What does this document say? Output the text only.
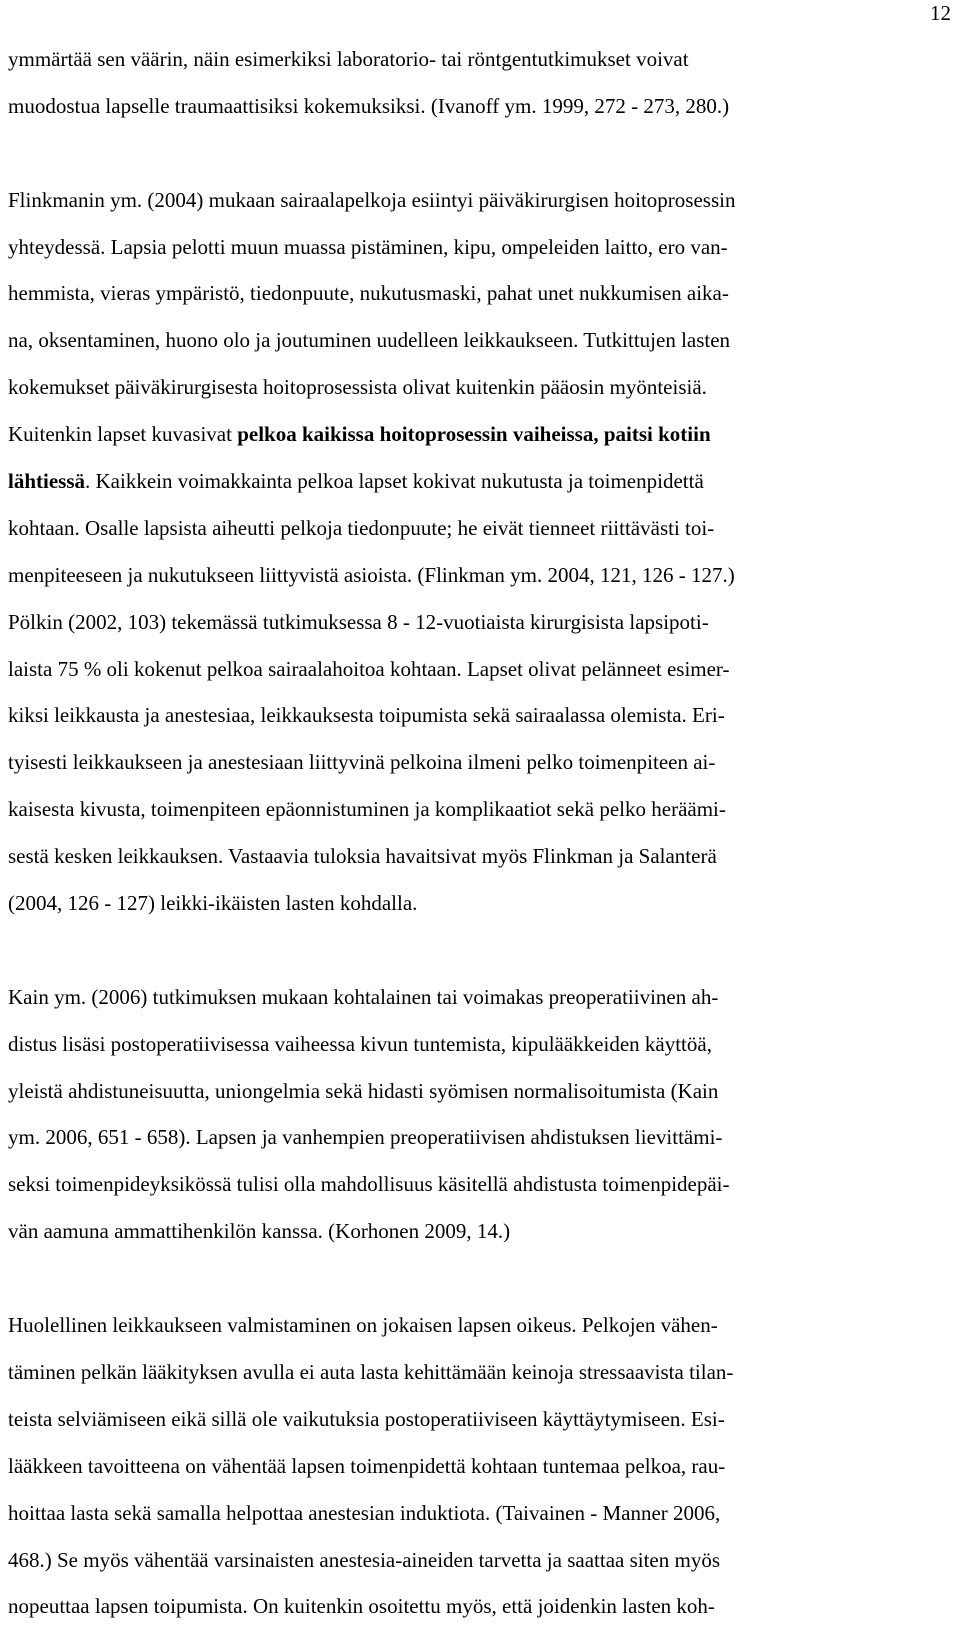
12
ymmärtää sen väärin, näin esimerkiksi laboratorio- tai röntgentutkimukset voivat
muodostua lapselle traumaattisiksi kokemuksiksi. (Ivanoff ym. 1999, 272 - 273, 280.)
Flinkmanin ym. (2004) mukaan sairaalapelkoja esiintyi päiväkirurgisen hoitoprosessin
yhteydessä. Lapsia pelotti muun muassa pistäminen, kipu, ompeleiden laitto, ero van-
hemmista, vieras ympäristö, tiedonpuute, nukutusmaski, pahat unet nukkumisen aika-
na, oksentaminen, huono olo ja joutuminen uudelleen leikkaukseen. Tutkittujen lasten
kokemukset päiväkirurgisesta hoitoprosessista olivat kuitenkin pääosin myönteisiä.
Kuitenkin lapset kuvasivat pelkoa kaikissa hoitoprosessin vaiheissa, paitsi kotiin
lähtiessä. Kaikkein voimakkainta pelkoa lapset kokivat nukutusta ja toimenpidettä
kohtaan. Osalle lapsista aiheutti pelkoja tiedonpuute; he eivät tienneet riittävästi toi-
menpiteeseen ja nukutukseen liittyvistä asioista. (Flinkman ym. 2004, 121, 126 - 127.)
Pölkin (2002, 103) tekemässä tutkimuksessa 8 - 12-vuotiaista kirurgisista lapsipoti-
laista 75 % oli kokenut pelkoa sairaalahoitoa kohtaan. Lapset olivat pelänneet esimer-
kiksi leikkausta ja anestesiaa, leikkauksesta toipumista sekä sairaalassa olemista. Eri-
tyisesti leikkaukseen ja anestesiaan liittyvinä pelkoina ilmeni pelko toimenpiteen ai-
kaisesta kivusta, toimenpiteen epäonnistuminen ja komplikaatiot sekä pelko heräämi-
sestä kesken leikkauksen. Vastaavia tuloksia havaitsivat myös Flinkman ja Salanterä
(2004, 126 - 127) leikki-ikäisten lasten kohdalla.
Kain ym. (2006) tutkimuksen mukaan kohtalainen tai voimakas preoperatiivinen ah-
distus lisäsi postoperatiivisessa vaiheessa kivun tuntemista, kipulääkkeiden käyttöä,
yleistä ahdistuneisuutta, uniongelmia sekä hidasti syömisen normalisoitumista (Kain
ym. 2006, 651 - 658). Lapsen ja vanhempien preoperatiivisen ahdistuksen lievittämi-
seksi toimenpideyksikössä tulisi olla mahdollisuus käsitellä ahdistusta toimenpidepäi-
vän aamuna ammattihenkilön kanssa. (Korhonen 2009, 14.)
Huolellinen leikkaukseen valmistaminen on jokaisen lapsen oikeus. Pelkojen vähen-
täminen pelkän lääkityksen avulla ei auta lasta kehittämään keinoja stressaavista tilan-
teista selviämiseen eikä sillä ole vaikutuksia postoperatiiviseen käyttäytymiseen. Esi-
lääkkeen tavoitteena on vähentää lapsen toimenpidettä kohtaan tuntemaa pelkoa, rau-
hoittaa lasta sekä samalla helpottaa anestesian induktiota. (Taivainen - Manner 2006,
468.) Se myös vähentää varsinaisten anestesia-aineiden tarvetta ja saattaa siten myös
nopeuttaa lapsen toipumista. On kuitenkin osoitettu myös, että joidenkin lasten koh-
